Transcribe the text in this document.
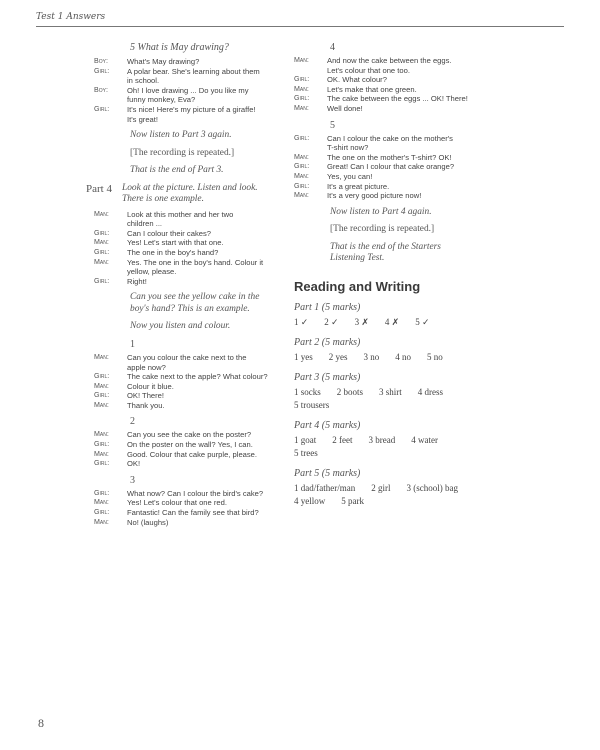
Test 1 Answers
5 What is May drawing?
Boy:	What's May drawing?
Girl:	A polar bear. She's learning about them
in school.
Boy:	Oh! I love drawing ... Do you like my
funny monkey, Eva?
Girl:	It's nice! Here's my picture of a giraffe!
It's great!
Now listen to Part 3 again.
[The recording is repeated.]
That is the end of Part 3.
Part 4	Look at the picture. Listen and look.
There is one example.
Man:	Look at this mother and her two
children ...
Girl:	Can I colour their cakes?
Man:	Yes! Let's start with that one.
Girl:	The one in the boy's hand?
Man:	Yes. The one in the boy's hand. Colour it
yellow, please.
Girl:	Right!
Can you see the yellow cake in the
boy's hand? This is an example.
Now you listen and colour.
1
Man:	Can you colour the cake next to the
apple now?
Girl:	The cake next to the apple? What colour?
Man:	Colour it blue.
Girl:	OK! There!
Man:	Thank you.
2
Man:	Can you see the cake on the poster?
Girl:	On the poster on the wall? Yes, I can.
Man:	Good. Colour that cake purple, please.
Girl:	OK!
3
Girl:	What now? Can I colour the bird's cake?
Man:	Yes! Let's colour that one red.
Girl:	Fantastic! Can the family see that bird?
Man:	No! (laughs)
4
Man:	And now the cake between the eggs.
Let's colour that one too.
Girl:	OK. What colour?
Man:	Let's make that one green.
Girl:	The cake between the eggs ... OK! There!
Man:	Well done!
5
Girl:	Can I colour the cake on the mother's
T-shirt now?
Man:	The one on the mother's T-shirt? OK!
Girl:	Great! Can I colour that cake orange?
Man:	Yes, you can!
Girl:	It's a great picture.
Man:	It's a very good picture now!
Now listen to Part 4 again.
[The recording is repeated.]
That is the end of the Starters
Listening Test.
Reading and Writing
Part 1 (5 marks)
1 ✓ 2 ✓ 3 ✗ 4 ✗ 5 ✓
Part 2 (5 marks)
1 yes 2 yes 3 no 4 no 5 no
Part 3 (5 marks)
1 socks 2 boots 3 shirt 4 dress
5 trousers
Part 4 (5 marks)
1 goat 2 feet 3 bread 4 water
5 trees
Part 5 (5 marks)
1 dad/father/man 2 girl 3 (school) bag
4 yellow 5 park
8
